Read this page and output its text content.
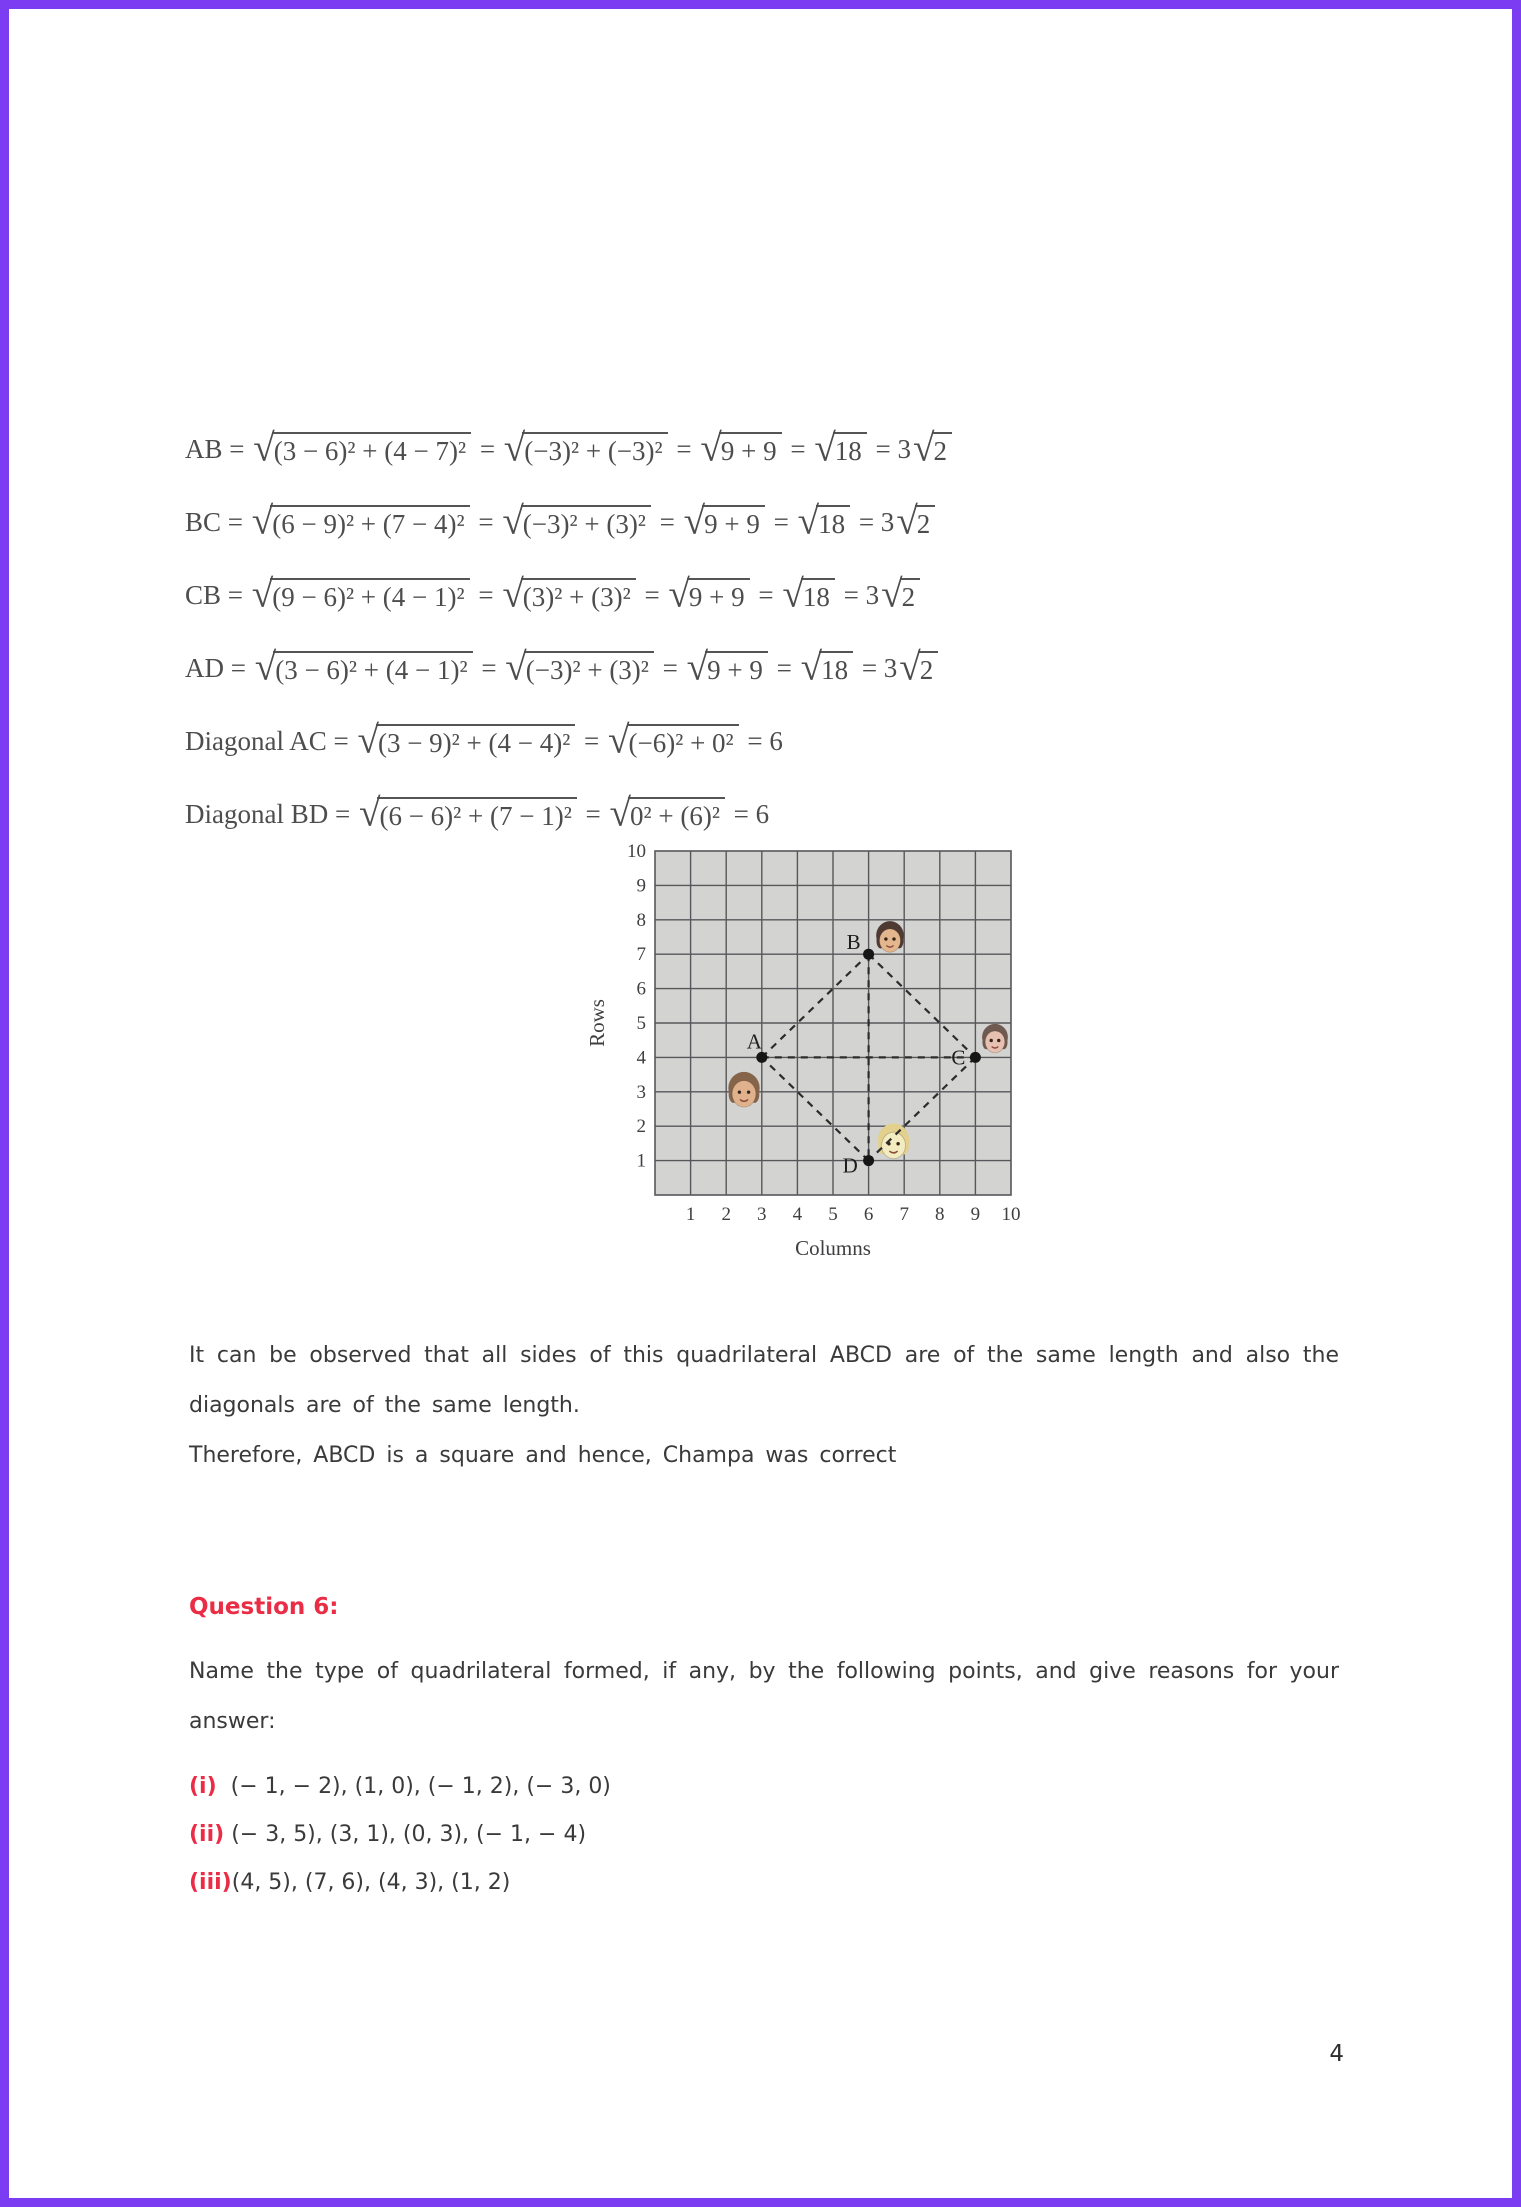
AB = √ (3 − 6)² + (4 − 7)² = √ (−3)² + (−3)² = √ 9 + 9 = √ 18 = 3 √ 2
BC = √ (6 − 9)² + (7 − 4)² = √ (−3)² + (3)² = √ 9 + 9 = √ 18 = 3 √ 2
CB = √ (9 − 6)² + (4 − 1)² = √ (3)² + (3)² = √ 9 + 9 = √ 18 = 3 √ 2
AD = √ (3 − 6)² + (4 − 1)² = √ (−3)² + (3)² = √ 9 + 9 = √ 18 = 3 √ 2
Diagonal AC = √ (3 − 9)² + (4 − 4)² = √ (−6)² + 0² = 6
Diagonal BD = √ (6 − 6)² + (7 − 1)² = √ 0² + (6)² = 6
1
2
3
4
5
6
7
8
9
10
1 2 3 4 5 6 7 8 9 10
Rows
Columns
A
B
C
D

It can be observed that all sides of this quadrilateral ABCD are of the same length and also the diagonals are of the same length.

Therefore, ABCD is a square and hence, Champa was correct

Question 6:

Name the type of quadrilateral formed, if any, by the following points, and give reasons for your answer:

(i) (− 1, − 2), (1, 0), (− 1, 2), (− 3, 0)
(ii) (− 3, 5), (3, 1), (0, 3), (− 1, − 4)
(iii) (4, 5), (7, 6), (4, 3), (1, 2)
4
